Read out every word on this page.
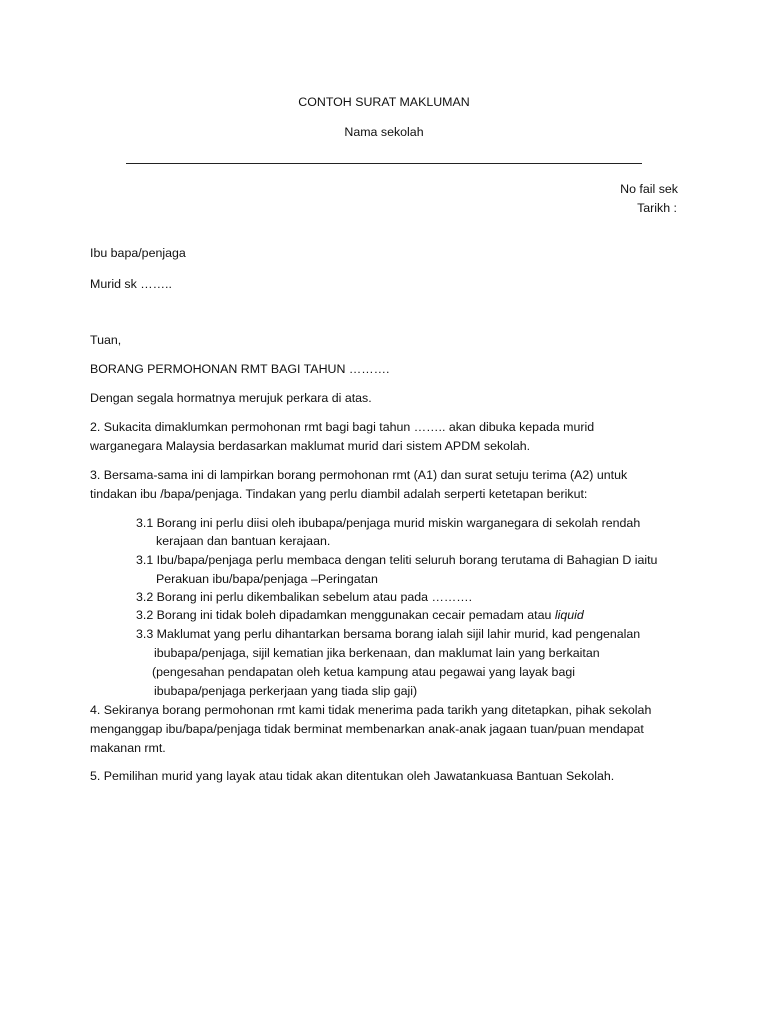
CONTOH SURAT MAKLUMAN
Nama sekolah
No fail sek
Tarikh :
Ibu bapa/penjaga
Murid sk ……..
Tuan,
BORANG PERMOHONAN RMT BAGI TAHUN ……….
Dengan segala hormatnya merujuk perkara di atas.
2. Sukacita dimaklumkan permohonan rmt bagi bagi tahun …….. akan dibuka kepada murid
warganegara Malaysia berdasarkan maklumat murid dari sistem APDM sekolah.
3. Bersama-sama ini di lampirkan borang permohonan rmt (A1) dan surat setuju terima (A2) untuk
tindakan ibu /bapa/penjaga. Tindakan yang perlu diambil adalah serperti ketetapan berikut:
3.1 Borang ini perlu diisi oleh ibubapa/penjaga murid miskin warganegara di sekolah rendah
kerajaan dan bantuan kerajaan.
3.1 Ibu/bapa/penjaga perlu membaca dengan teliti seluruh borang terutama di Bahagian D iaitu
Perakuan ibu/bapa/penjaga –Peringatan
3.2 Borang ini perlu dikembalikan sebelum atau pada ……….
3.2 Borang ini tidak boleh dipadamkan menggunakan cecair pemadam atau liquid
3.3 Maklumat yang perlu dihantarkan bersama borang ialah sijil lahir murid, kad pengenalan
ibubapa/penjaga, sijil kematian jika berkenaan, dan maklumat lain yang berkaitan
(pengesahan pendapatan oleh ketua kampung atau pegawai yang layak bagi
ibubapa/penjaga perkerjaan yang tiada slip gaji)
4. Sekiranya borang permohonan rmt kami tidak menerima pada tarikh yang ditetapkan, pihak sekolah
menganggap ibu/bapa/penjaga tidak berminat membenarkan anak-anak jagaan tuan/puan mendapat
makanan rmt.
5. Pemilihan murid yang layak atau tidak akan ditentukan oleh Jawatankuasa Bantuan Sekolah.
